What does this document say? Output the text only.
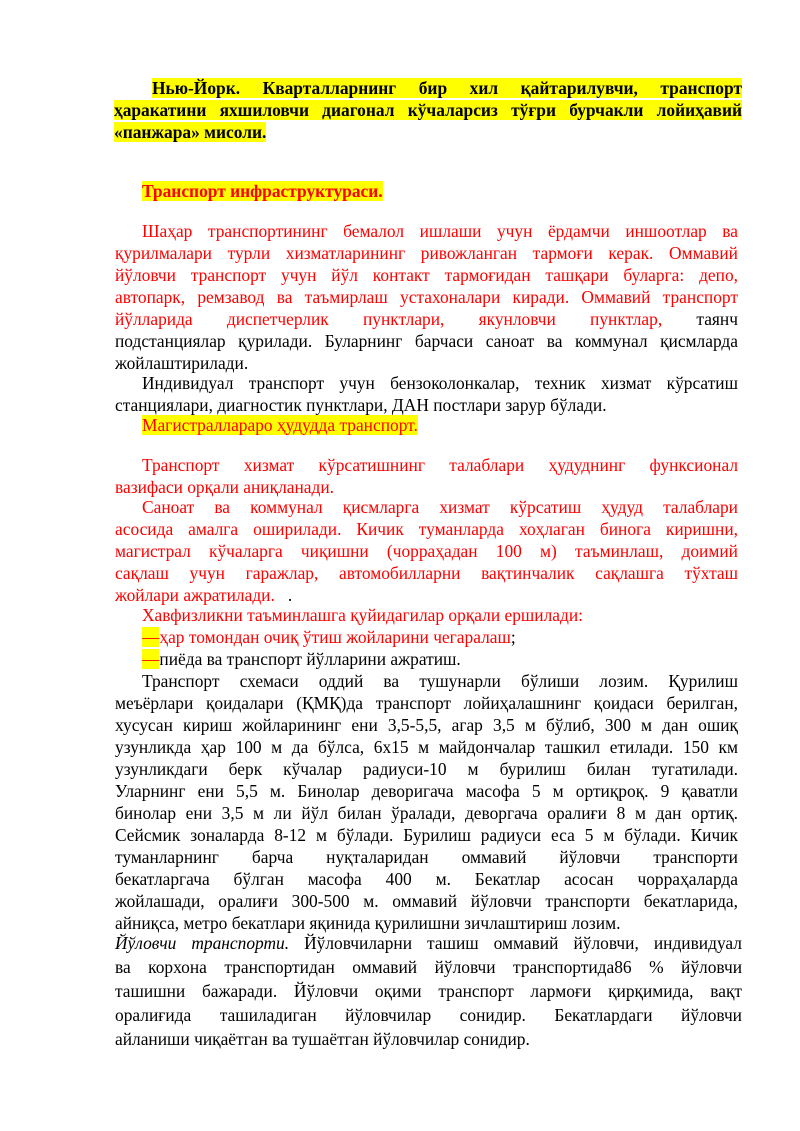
Нью-Йорк. Кварталларнинг бир хил қайтарилувчи, транспорт
ҳаракатини яхшиловчи диагонал кўчаларсиз тўғри бурчакли лойиҳавий
«панжара» мисоли.
Транспорт инфраструктураси.
Шаҳар транспортининг бемалол ишлаши учун ёрдамчи иншоотлар ва
қурилмалари турли хизматларининг ривожланган тармоғи керак. Оммавий
йўловчи транспорт учун йўл контакт тармоғидан ташқари буларга: депо,
автопарк, ремзавод ва таъмирлаш устахоналари киради. Оммавий транспорт
йўлларида диспетчерлик пунктлари, якунловчи пунктлар, таянч
подстанциялар қурилади. Буларнинг барчаси саноат ва коммунал қисмларда
жойлаштирилади.
Индивидуал транспорт учун бензоколонкалар, техник хизмат кўрсатиш
станциялари, диагностик пунктлари, ДАН постлари зарур бўлади.
Магистралларaро ҳудудда транспорт.
Транспорт хизмат кўрсатишнинг талаблари ҳудуднинг функсионал
вазифаси орқали аниқланади.
Саноат ва коммунал қисмларга хизмат кўрсатиш ҳудуд талаблари
асосида амалга оширилади. Кичик туманларда хоҳлаган бинога киришни,
магистрал кўчаларга чиқишни (чорраҳадан 100 м) таъминлаш, доимий
сақлаш учун гаражлар, автомобилларни вақтинчалик сақлашга тўхташ
жойлари ажратилади.   .
Хавфизликни таъминлашга қуйидагилар орқали ершилади:
—ҳар томондан очиқ ўтиш жойларини чегаралаш;
—пиёда ва транспорт йўлларини ажратиш.
Транспорт схемаси оддий ва тушунарли бўлиши лозим. Қурилиш
меъёрлари қоидалари (ҚМҚ)да транспорт лойиҳалашнинг қоидаси берилган,
хусусан кириш жойларининг ени 3,5-5,5, агар 3,5 м бўлиб, 300 м дан ошиқ
узунликда ҳар 100 м да бўлса, 6х15 м майдончалар ташкил етилади. 150 км
узунликдаги берк кўчалар радиуси-10 м бурилиш билан тугатилади.
Уларнинг ени 5,5 м. Бинолар деворигача масофа 5 м ортиқроқ. 9 қаватли
бинолар ени 3,5 м ли йўл билан ўралади, деворгача оралиғи 8 м дан ортиқ.
Сейсмик зоналарда 8-12 м бўлади. Бурилиш радиуси еса 5 м бўлади. Кичик
туманларнинг барча нуқталаридан оммавий йўловчи транспорти
бекатларгача бўлган масофа 400 м. Бекатлар асосан чорраҳаларда
жойлашади, оралиғи 300-500 м. оммавий йўловчи транспорти бекатларида,
айниқса, метро бекатлари яқинида қурилишни зичлаштириш лозим.
Йўловчи транспорти. Йўловчиларни ташиш оммавий йўловчи, индивидуал
ва корхона транспортидан оммавий йўловчи транспортида86 % йўловчи
ташишни бажаради. Йўловчи оқими транспорт лармоғи қирқимида, вақт
оралиғида ташиладиган йўловчилар сонидир. Бекатлардаги йўловчи
айланиши чиқаётган ва тушаётган йўловчилар сонидир.
